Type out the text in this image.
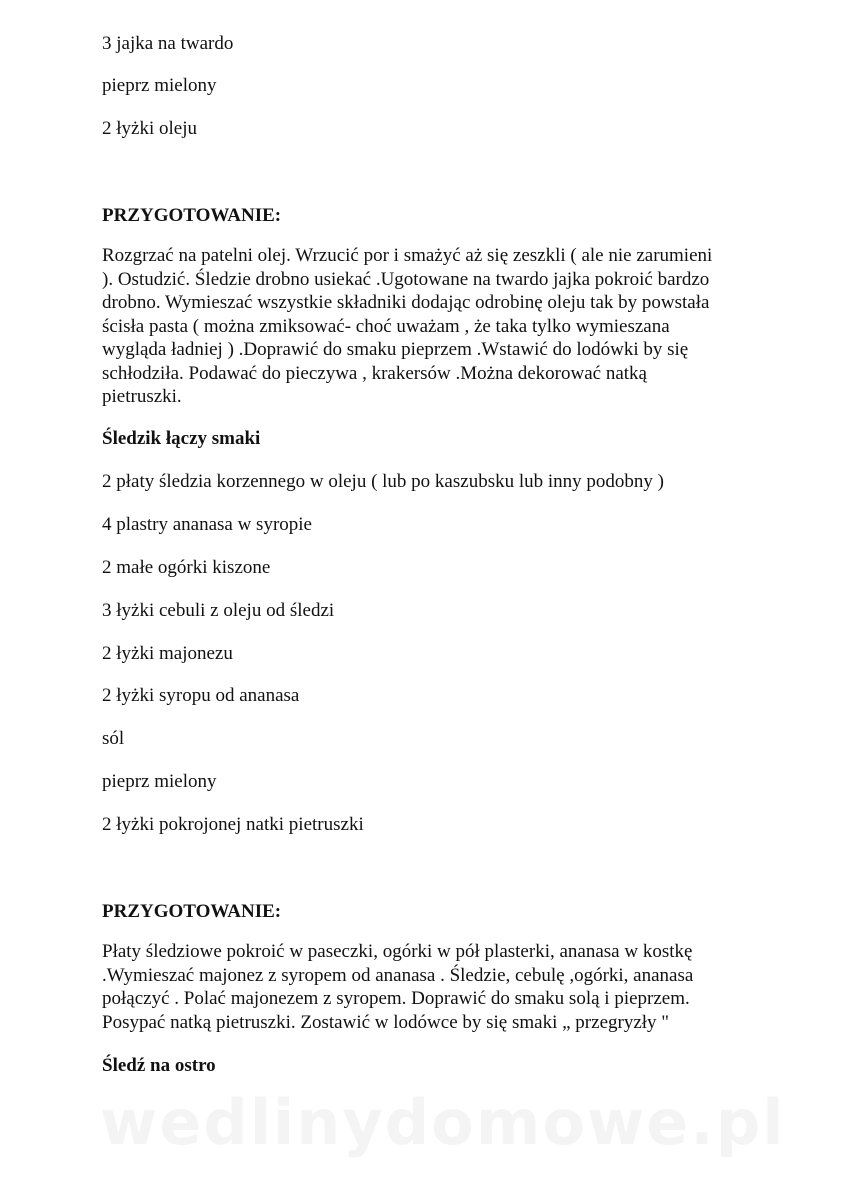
3 jajka na twardo

pieprz mielony

2 łyżki oleju

PRZYGOTOWANIE:

Rozgrzać na patelni olej. Wrzucić por i smażyć aż się zeszkli ( ale nie zarumieni
). Ostudzić. Śledzie drobno usiekać .Ugotowane na twardo jajka pokroić bardzo
drobno. Wymieszać wszystkie składniki dodając odrobinę oleju tak by powstała
ścisła pasta ( można zmiksować- choć uważam , że taka tylko wymieszana
wygląda ładniej ) .Doprawić do smaku pieprzem .Wstawić do lodówki by się
schłodziła. Podawać do pieczywa , krakersów .Można dekorować natką
pietruszki.

Śledzik łączy smaki

2 płaty śledzia korzennego w oleju ( lub po kaszubsku lub inny podobny )

4 plastry ananasa w syropie

2 małe ogórki kiszone

3 łyżki cebuli z oleju od śledzi

2 łyżki majonezu

2 łyżki syropu od ananasa

sól

pieprz mielony

2 łyżki pokrojonej natki pietruszki

PRZYGOTOWANIE:

Płaty śledziowe pokroić w paseczki, ogórki w pół plasterki, ananasa w kostkę
.Wymieszać majonez z syropem od ananasa . Śledzie, cebulę ,ogórki, ananasa
połączyć . Polać majonezem z syropem. Doprawić do smaku solą i pieprzem.
Posypać natką pietruszki. Zostawić w lodówce by się smaki „ przegryzły "

Śledź na ostro

wedlinydomowe.pl
